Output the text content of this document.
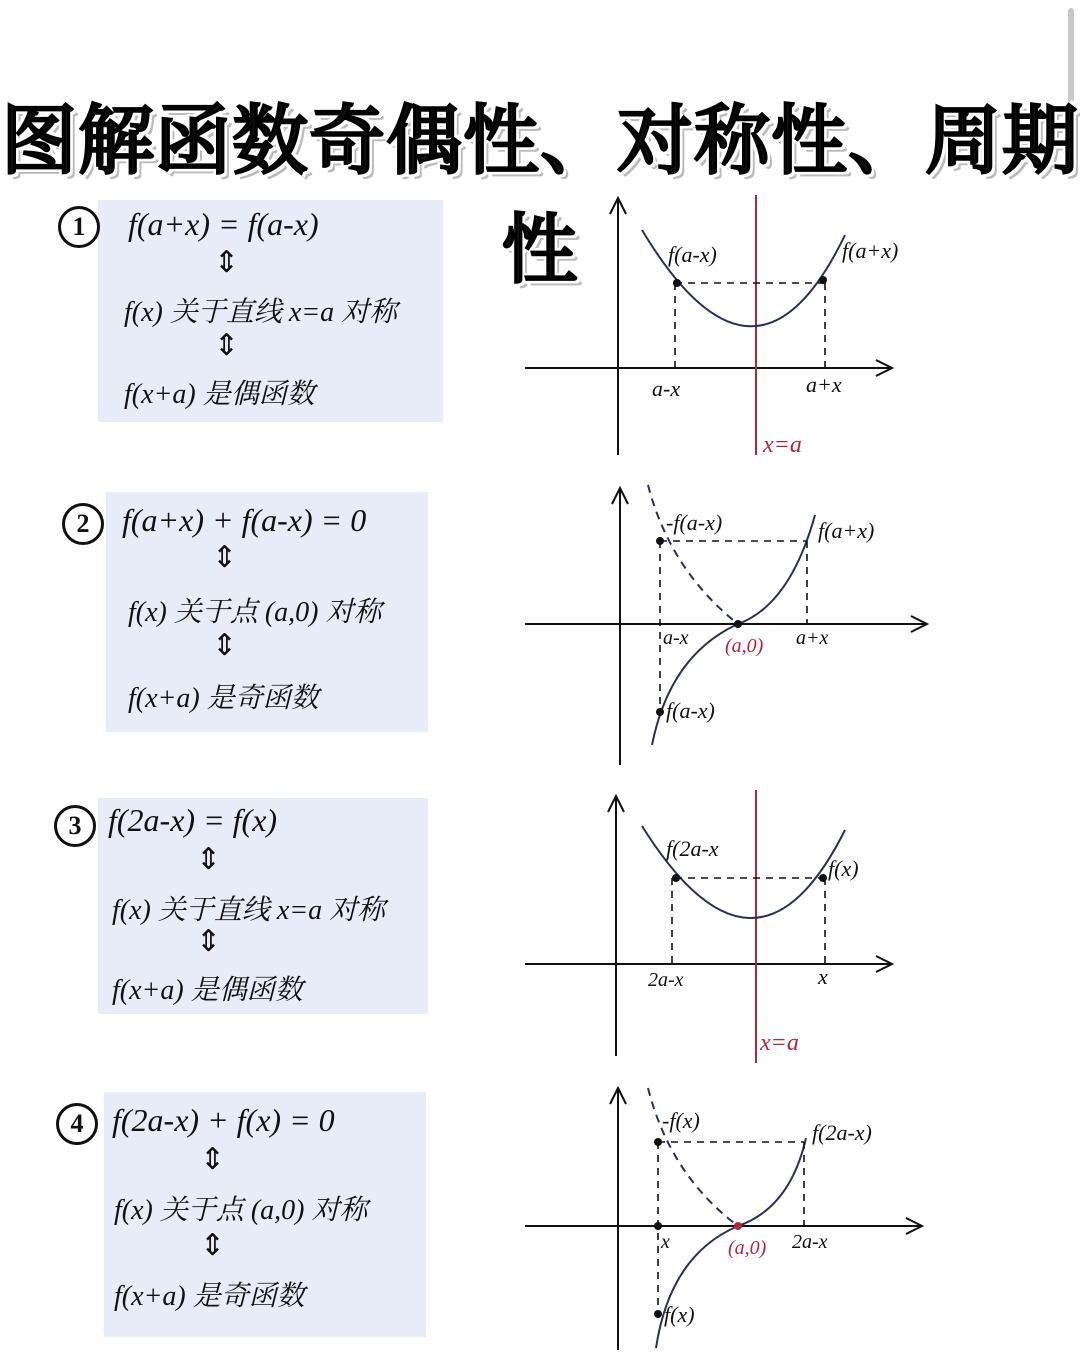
图解函数奇偶性、对称性、周期性
1	f(a+x) = f(a-x)
⇕
f(x) 关于直线 x=a 对称
⇕
f(x+a) 是偶函数
f(a-x)	f(a+x)
a-x	a+x
x=a
2	f(a+x) + f(a-x) = 0
⇕
f(x) 关于点 (a,0) 对称
⇕
f(x+a) 是奇函数
-f(a-x)	f(a+x)
f(a-x)
a-x (a,0) a+x
3 f(2a-x) = f(x)
⇕
f(x) 关于直线 x=a 对称
⇕
f(x+a) 是偶函数
f(2a-x
f(x)
2a-x	x
x=a
4 f(2a-x) + f(x) = 0
⇕
f(x) 关于点 (a,0) 对称
⇕
f(x+a) 是奇函数
-f(x)	f(2a-x)
f(x)
x	(a,0) 2a-x
